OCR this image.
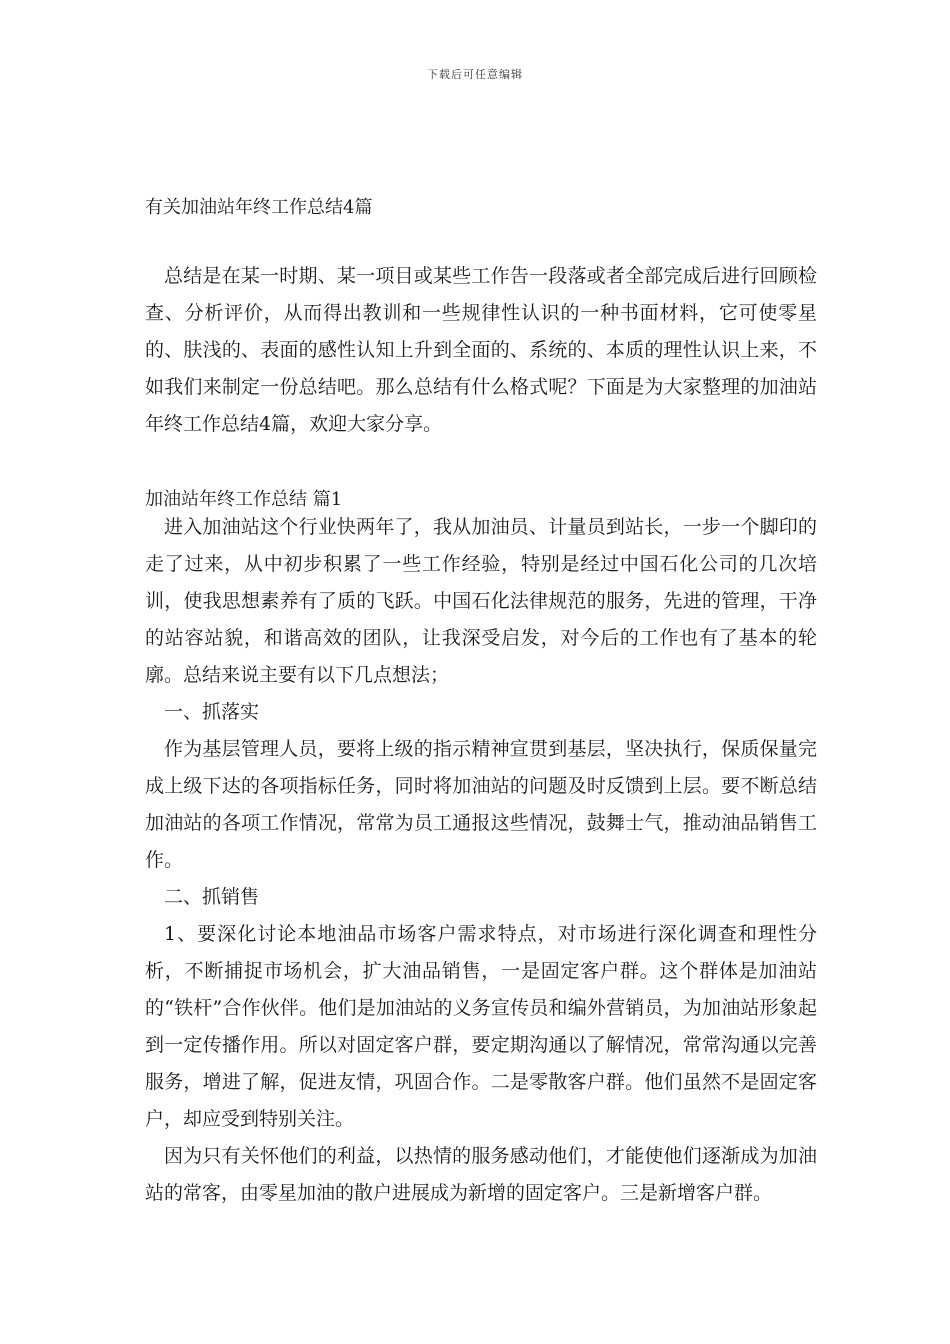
下载后可任意编辑
有关加油站年终工作总结4篇

总结是在某一时期、某一项目或某些工作告一段落或者全部完成后进行回顾检查、分析评价，从而得出教训和一些规律性认识的一种书面材料，它可使零星的、肤浅的、表面的感性认知上升到全面的、系统的、本质的理性认识上来，不如我们来制定一份总结吧。那么总结有什么格式呢？下面是为大家整理的加油站年终工作总结4篇，欢迎大家分享。

加油站年终工作总结 篇1

进入加油站这个行业快两年了，我从加油员、计量员到站长，一步一个脚印的走了过来，从中初步积累了一些工作经验，特别是经过中国石化公司的几次培训，使我思想素养有了质的飞跃。中国石化法律规范的服务，先进的管理，干净的站容站貌，和谐高效的团队，让我深受启发，对今后的工作也有了基本的轮廓。总结来说主要有以下几点想法；

一、抓落实

作为基层管理人员，要将上级的指示精神宣贯到基层，坚决执行，保质保量完成上级下达的各项指标任务，同时将加油站的问题及时反馈到上层。要不断总结加油站的各项工作情况，常常为员工通报这些情况，鼓舞士气，推动油品销售工作。

二、抓销售

1、要深化讨论本地油品市场客户需求特点，对市场进行深化调查和理性分析，不断捕捉市场机会，扩大油品销售，一是固定客户群。这个群体是加油站的“铁杆”合作伙伴。他们是加油站的义务宣传员和编外营销员，为加油站形象起到一定传播作用。所以对固定客户群，要定期沟通以了解情况，常常沟通以完善服务，增进了解，促进友情，巩固合作。二是零散客户群。他们虽然不是固定客户，却应受到特别关注。

因为只有关怀他们的利益，以热情的服务感动他们，才能使他们逐渐成为加油站的常客，由零星加油的散户进展成为新增的固定客户。三是新增客户群。
